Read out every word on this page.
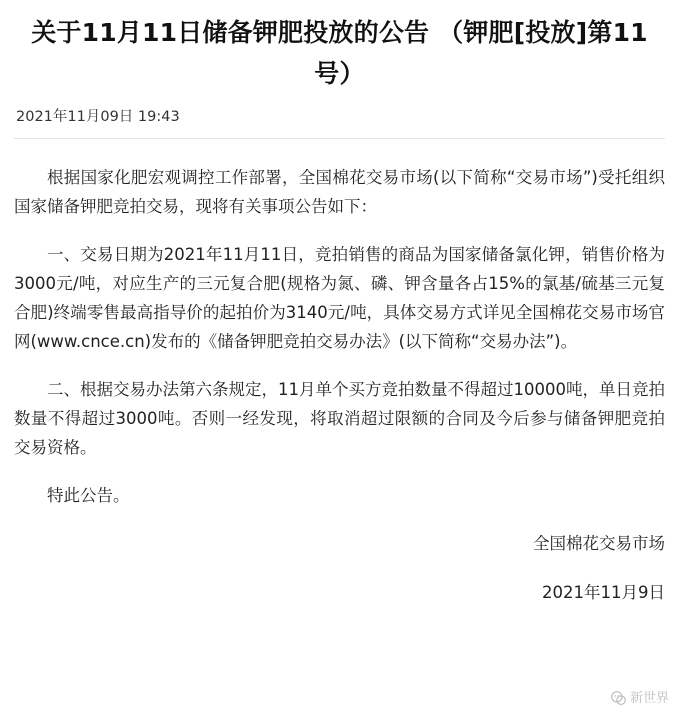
关于11月11日储备钾肥投放的公告 （钾肥[投放]第11号）
2021年11月09日 19:43

根据国家化肥宏观调控工作部署，全国棉花交易市场(以下简称“交易市场”)受托组织国家储备钾肥竞拍交易，现将有关事项公告如下：

一、交易日期为2021年11月11日，竞拍销售的商品为国家储备氯化钾，销售价格为3000元/吨，对应生产的三元复合肥(规格为氮、磷、钾含量各占15%的氯基/硫基三元复合肥)终端零售最高指导价的起拍价为3140元/吨，具体交易方式详见全国棉花交易市场官网(www.cnce.cn)发布的《储备钾肥竞拍交易办法》(以下简称“交易办法”)。

二、根据交易办法第六条规定，11月单个买方竞拍数量不得超过10000吨，单日竞拍数量不得超过3000吨。否则一经发现，将取消超过限额的合同及今后参与储备钾肥竞拍交易资格。

特此公告。

全国棉花交易市场

2021年11月9日

新世界
